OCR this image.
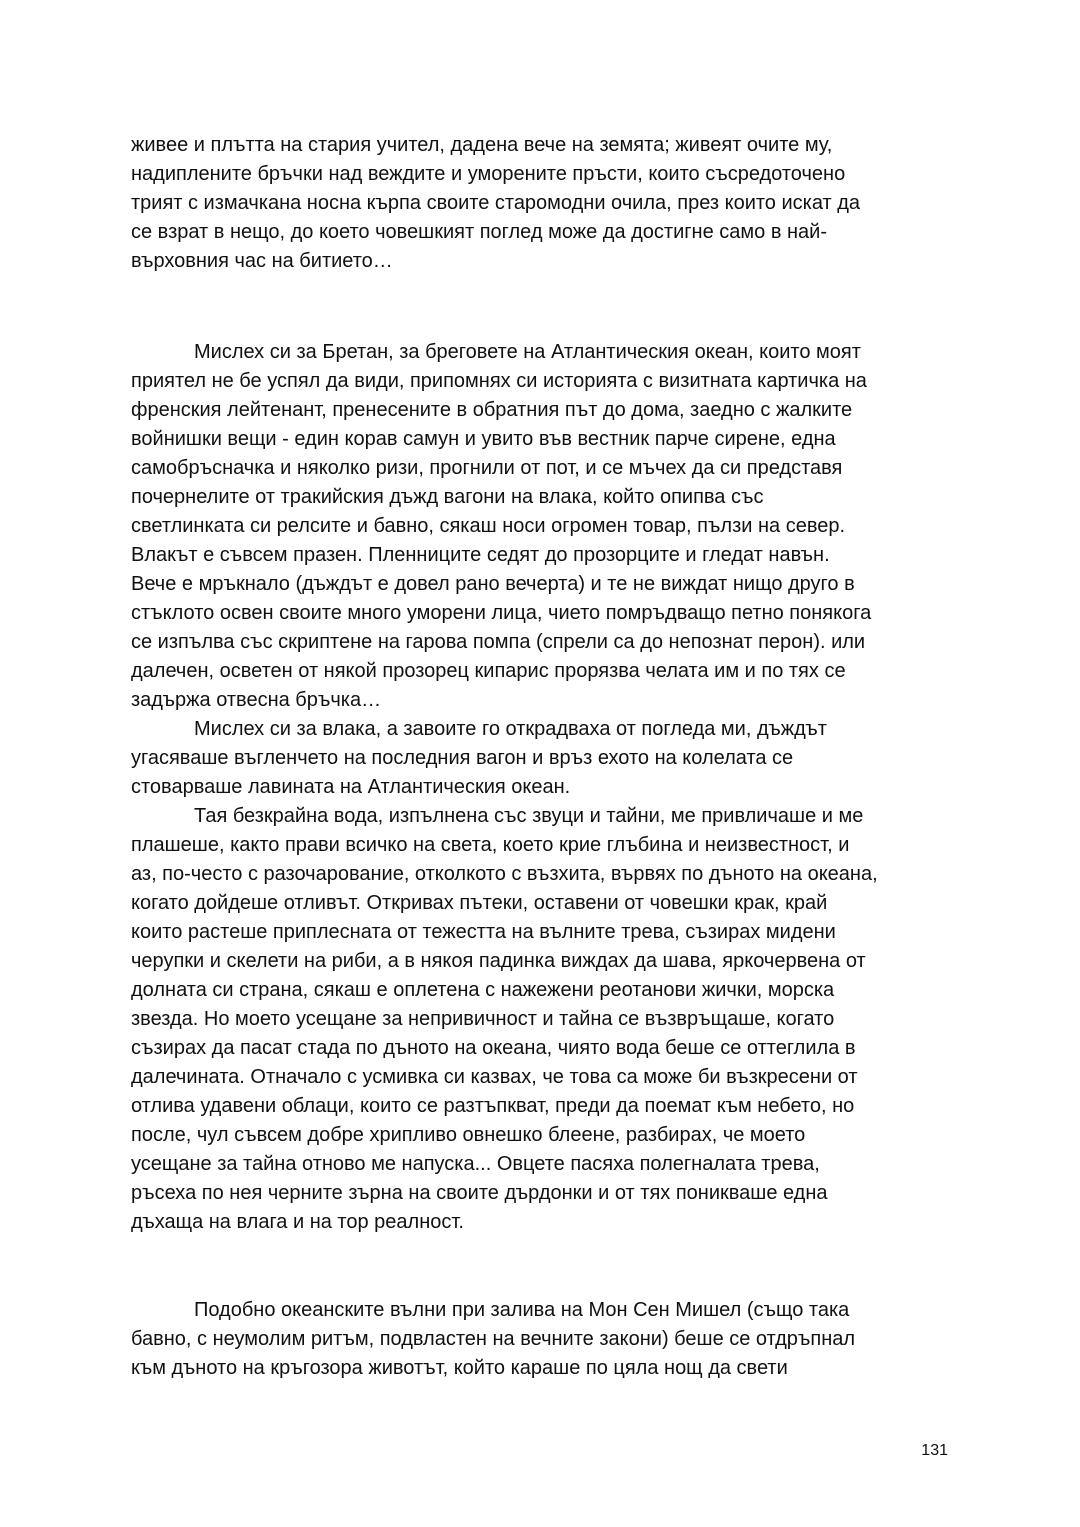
живее и плътта на стария учител, дадена вече на земята; живеят очите му,
надиплените бръчки над веждите и уморените пръсти, които съсредоточено
трият с измачкана носна кърпа своите старомодни очила, през които искат да
се взрат в нещо, до което човешкият поглед може да достигне само в най-
върховния час на битието…
Мислех си за Бретан, за бреговете на Атлантическия океан, които моят
приятел не бе успял да види, припомнях си историята с визитната картичка на
френския лейтенант, пренесените в обратния път до дома, заедно с жалките
войнишки вещи - един корав самун и увито във вестник парче сирене, една
самобръсначка и няколко ризи, прогнили от пот, и се мъчех да си представя
почернелите от тракийския дъжд вагони на влака, който опипва със
светлинката си релсите и бавно, сякаш носи огромен товар, пълзи на север.
Влакът е съвсем празен. Пленниците седят до прозорците и гледат навън.
Вече е мръкнало (дъждът е довел рано вечерта) и те не виждат нищо друго в
стъклото освен своите много уморени лица, чието помръдващо петно понякога
се изпълва със скриптене на гарова помпа (спрели са до непознат перон). или
далечен, осветен от някой прозорец кипарис прорязва челата им и по тях се
задържа отвесна бръчка…
Мислех си за влака, а завоите го открадваха от погледа ми, дъждът
угасяваше въгленчето на последния вагон и връз ехото на колелата се
стоварваше лавината на Атлантическия океан.
Тая безкрайна вода, изпълнена със звуци и тайни, ме привличаше и ме
плашеше, както прави всичко на света, което крие глъбина и неизвестност, и
аз, по-често с разочарование, отколкото с възхита, вървях по дъното на океана,
когато дойдеше отливът. Откривах пътеки, оставени от човешки крак, край
които растеше приплесната от тежестта на вълните трева, съзирах мидени
черупки и скелети на риби, а в някоя падинка виждах да шава, яркочервена от
долната си страна, сякаш е оплетена с нажежени реотанови жички, морска
звезда. Но моето усещане за непривичност и тайна се възвръщаше, когато
съзирах да пасат стада по дъното на океана, чиято вода беше се оттеглила в
далечината. Отначало с усмивка си казвах, че това са може би възкресени от
отлива удавени облаци, които се разтъпкват, преди да поемат към небето, но
после, чул съвсем добре хрипливо овнешко блеене, разбирах, че моето
усещане за тайна отново ме напуска... Овцете пасяха полегналата трева,
ръсеха по нея черните зърна на своите дърдонки и от тях поникваше една
дъхаща на влага и на тор реалност.
Подобно океанските вълни при залива на Мон Сен Мишел (също така
бавно, с неумолим ритъм, подвластен на вечните закони) беше се отдръпнал
към дъното на кръгозора животът, който караше по цяла нощ да свети
131
